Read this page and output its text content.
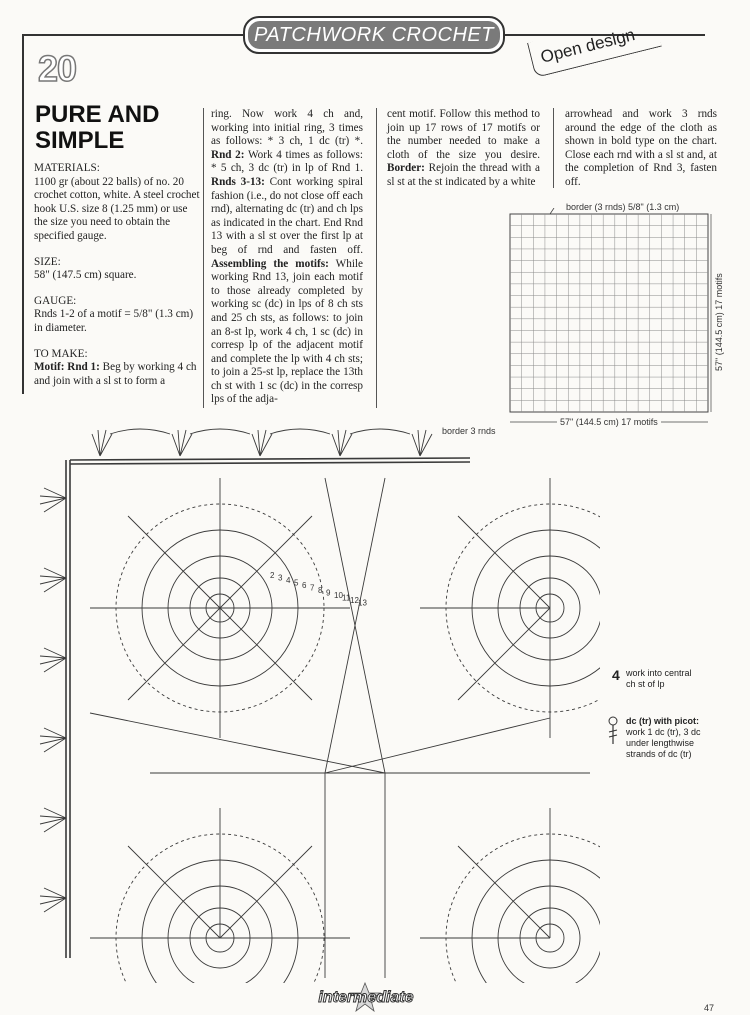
PATCHWORK CROCHET	Open design
20
PURE AND
SIMPLE
MATERIALS:
1100 gr (about 22 balls) of no. 20 crochet cotton, white. A steel crochet hook U.S. size 8 (1.25 mm) or use the size you need to obtain the specified gauge.
SIZE:
58" (147.5 cm) square.
GAUGE:
Rnds 1-2 of a motif = 5/8" (1.3 cm) in diameter.
TO MAKE:
Motif: Rnd 1: Beg by working 4 ch and join with a sl st to form a
ring. Now work 4 ch and, working into initial ring, 3 times as follows: * 3 ch, 1 dc (tr) *. Rnd 2: Work 4 times as follows: * 5 ch, 3 dc (tr) in lp of Rnd 1. Rnds 3-13: Cont working spiral fashion (i.e., do not close off each rnd), alternating dc (tr) and ch lps as indicated in the chart. End Rnd 13 with a sl st over the first lp at beg of rnd and fasten off. Assembling the motifs: While working Rnd 13, join each motif to those already completed by working sc (dc) in lps of 8 ch sts and 25 ch sts, as follows: to join an 8-st lp, work 4 ch, 1 sc (dc) in corresp lp of the adjacent motif and complete the lp with 4 ch sts; to join a 25-st lp, replace the 13th ch st with 1 sc (dc) in the corresp lps of the adja-
cent motif. Follow this method to join up 17 rows of 17 motifs or the number needed to make a cloth of the size you desire. Border: Rejoin the thread with a sl st at the st indicated by a white
arrowhead and work 3 rnds around the edge of the cloth as shown in bold type on the chart. Close each rnd with a sl st and, at the completion of Rnd 3, fasten off.
border (3 rnds) 5/8" (1.3 cm)
57" (144.5 cm) 17 motifs
57" (144.5 cm) 17 motifs
2 3 4 5 6 7 8 9 10 11 12 13
border 3 rnds
4 work into central
ch st of lp
dc (tr) with picot:
work 1 dc (tr), 3 dc
under lengthwise
strands of dc (tr)
intermediate
47
